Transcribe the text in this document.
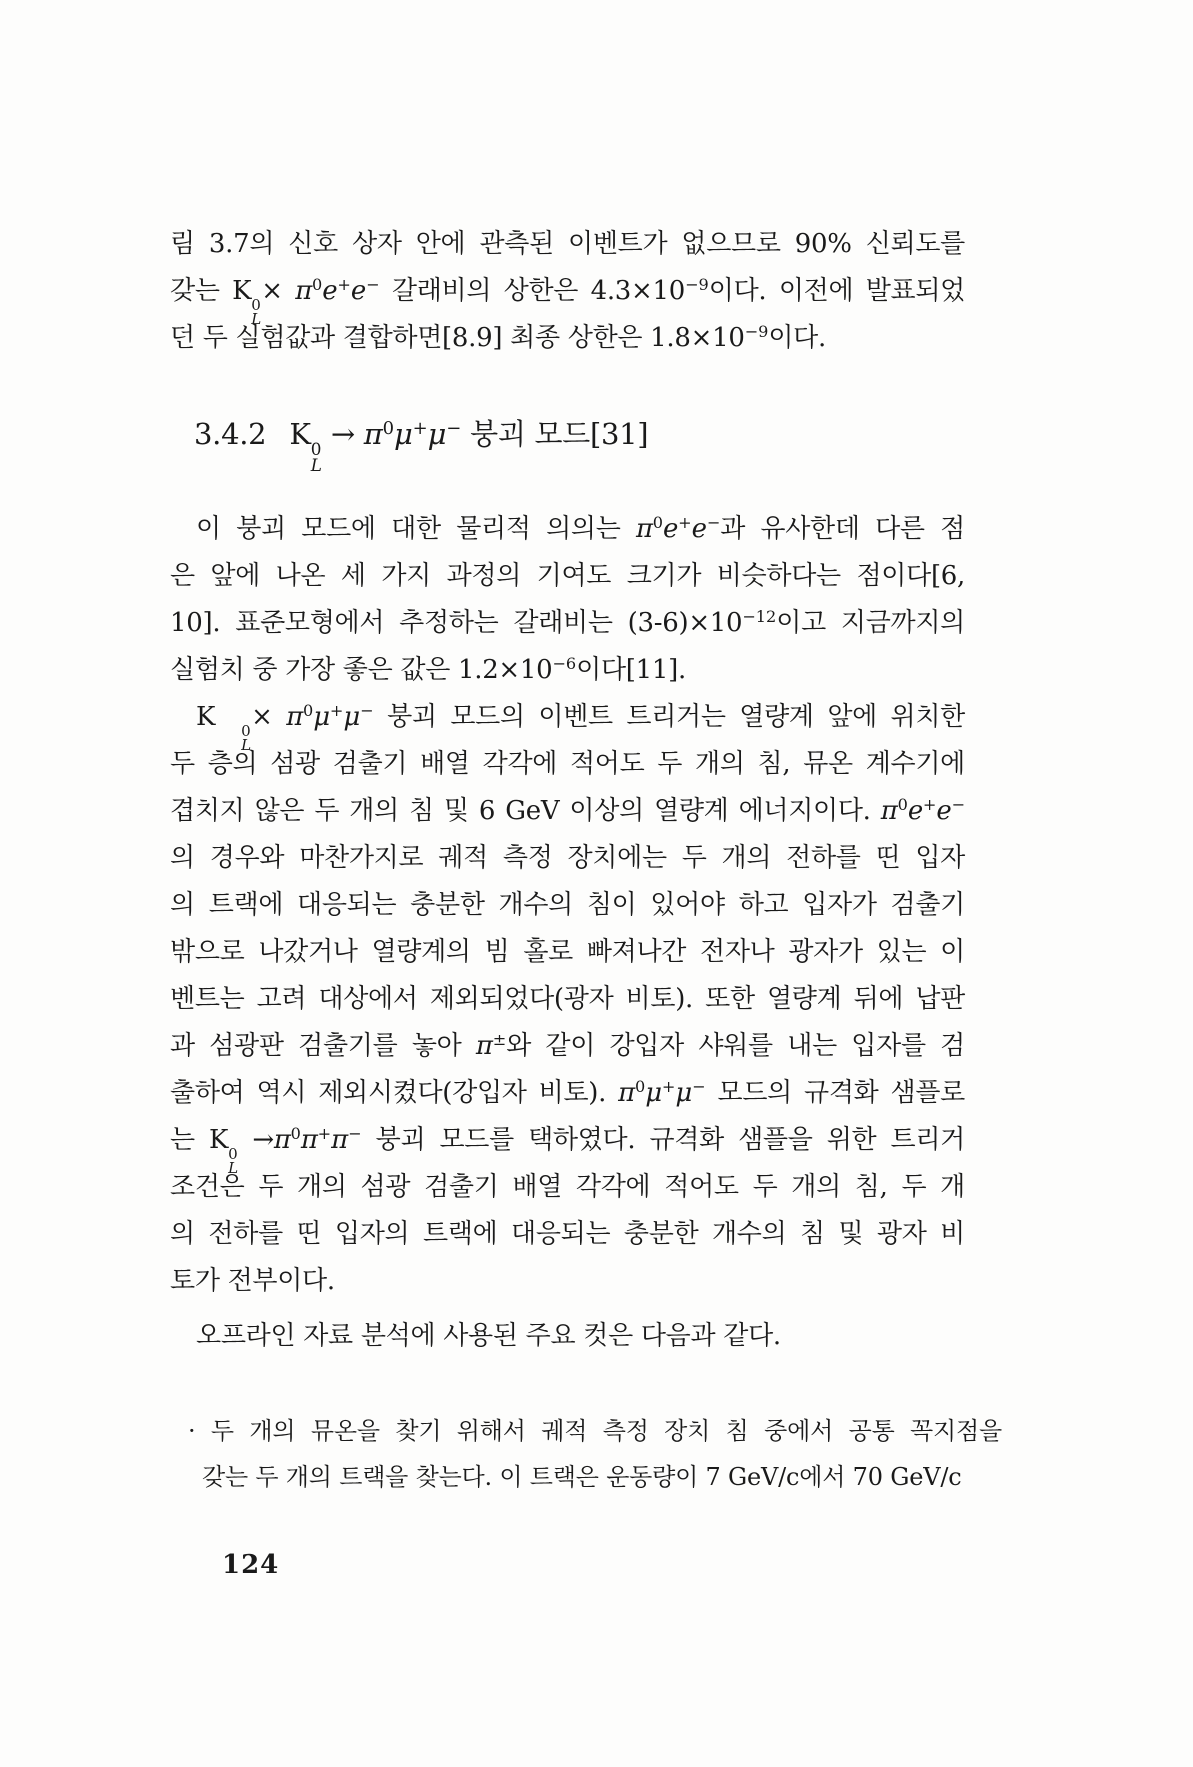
림 3.7의 신호 상자 안에 관측된 이벤트가 없으므로 90% 신뢰도를
갖는 K 0
L
× $\pi^0e^+e^-$ 갈래비의 상한은 $4.3\times 10^{-9}$이다. 이전에 발표되었
던 두 실험값과 결합하면[8.9] 최종 상한은 $1.8\times 10^{-9}$이다.
3.4.2  K 0
L
→ $\pi^0\mu^+\mu^-$ 붕괴 모드[31]
이 붕괴 모드에 대한 물리적 의의는 $\pi^0e^+e^-$과 유사한데 다른 점
은 앞에 나온 세 가지 과정의 기여도 크기가 비슷하다는 점이다[6,
10]. 표준모형에서 추정하는 갈래비는 $(3-6)\times 10^{-12}$이고 지금까지의
실험치 중 가장 좋은 값은 $1.2\times 10^{-6}$이다[11].
K	0
L
× $\pi^0\mu^+\mu^-$ 붕괴 모드의 이벤트 트리거는 열량계 앞에 위치한
두 층의 섬광 검출기 배열 각각에 적어도 두 개의 침, 뮤온 계수기에
겹치지 않은 두 개의 침 및 6 GeV 이상의 열량계 에너지이다. $\pi^0e^+e^-$
의 경우와 마찬가지로 궤적 측정 장치에는 두 개의 전하를 띤 입자
의 트랙에 대응되는 충분한 개수의 침이 있어야 하고 입자가 검출기
밖으로 나갔거나 열량계의 빔 홀로 빠져나간 전자나 광자가 있는 이
벤트는 고려 대상에서 제외되었다(광자 비토). 또한 열량계 뒤에 납판
과 섬광판 검출기를 놓아 π±와 같이 강입자 샤워를 내는 입자를 검
출하여 역시 제외시켰다(강입자 비토). $\pi^0\mu^+\mu^-$ 모드의 규격화 샘플로
는 K 0
L
$\to\pi^0\pi^+\pi^-$ 붕괴 모드를 택하였다. 규격화 샘플을 위한 트리거
조건은 두 개의 섬광 검출기 배열 각각에 적어도 두 개의 침, 두 개
의 전하를 띤 입자의 트랙에 대응되는 충분한 개수의 침 및 광자 비
토가 전부이다.
오프라인 자료 분석에 사용된 주요 컷은 다음과 같다.
· 두 개의 뮤온을 찾기 위해서 궤적 측정 장치 침 중에서 공통 꼭지점을
갖는 두 개의 트랙을 찾는다. 이 트랙은 운동량이 7 GeV/c에서 70 GeV/c
124
